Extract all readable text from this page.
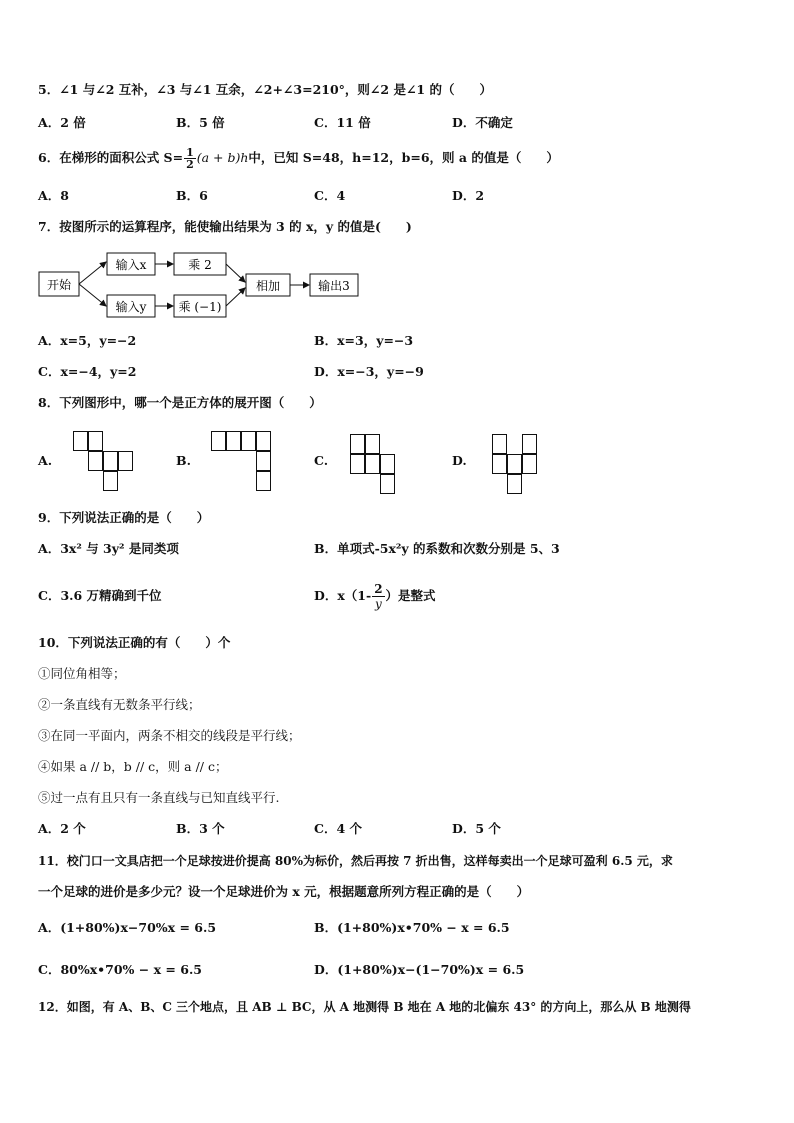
5．∠1 与∠2 互补，∠3 与∠1 互余，∠2+∠3=210°，则∠2 是∠1 的（　　）
A．2 倍	B．5 倍	C．11 倍	D．不确定
6．在梯形的面积公式 $S= \frac{1}{2} (a + b)h$中，已知 S=48，h=12，b=6，则 a 的值是（　　）
A．8	B．6	C．4	D．2
7．按图所示的运算程序，能使输出结果为 3 的 x，y 的值是(　　)
开始
输入x	乘 2
输入y	乘 (−1)
相加	输出3
A．x=5，y=−2	B．x=3，y=−3
C．x=−4，y=2	D．x=−3，y=−9
8．下列图形中，哪一个是正方体的展开图（　　）
A.	B.	C.	D.
9．下列说法正确的是（　　）
A．3x² 与 3y² 是同类项	B．单项式-5x²y 的系数和次数分别是 5、3
C．3.6 万精确到千位	D．$x(1- \frac{2}{y}$ ）是整式
10．下列说法正确的有（　　）个
①同位角相等；
②一条直线有无数条平行线；
③在同一平面内，两条不相交的线段是平行线；
④如果 a // b，b // c，则 a // c；
⑤过一点有且只有一条直线与已知直线平行.
A．2 个	B．3 个	C．4 个	D．5 个
11．校门口一文具店把一个足球按进价提高 80%为标价，然后再按 7 折出售，这样每卖出一个足球可盈利 6.5 元，求
一个足球的进价是多少元？设一个足球进价为 x 元，根据题意所列方程正确的是（　　）
A．(1+80%)x−70%x = 6.5	B．(1+80%)x•70% − x = 6.5
C．80%x•70% − x = 6.5	D．(1+80%)x−(1−70%)x = 6.5
12．如图，有 A、B、C 三个地点，且 AB ⊥ BC，从 A 地测得 B 地在 A 地的北偏东 43° 的方向上，那么从 B 地测得
